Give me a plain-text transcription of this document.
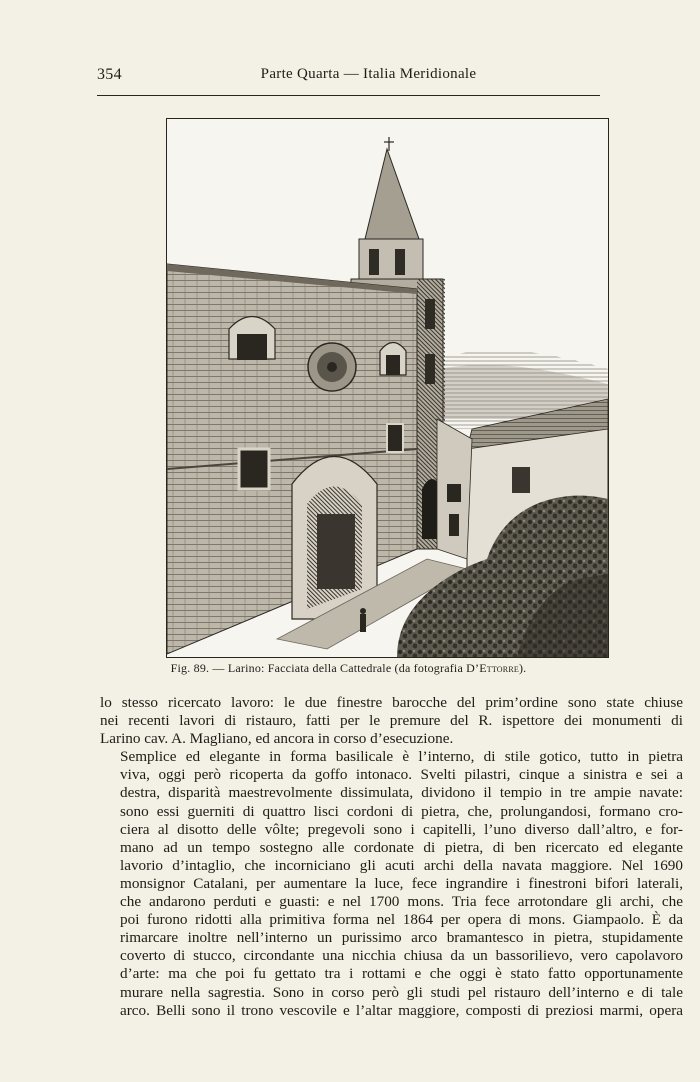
354	Parte Quarta — Italia Meridionale
Fig. 89. — Larino: Facciata della Cattedrale (da fotografia D’Ettorre).

lo stesso ricercato lavoro: le due finestre barocche del prim’ordine sono state chiuse
nei recenti lavori di ristauro, fatti per le premure del R. ispettore dei monumenti di
Larino cav. A. Magliano, ed ancora in corso d’esecuzione.

Semplice ed elegante in forma basilicale è l’interno, di stile gotico, tutto in pietra
viva, oggi però ricoperta da goffo intonaco. Svelti pilastri, cinque a sinistra e sei a
destra, disparità maestrevolmente dissimulata, dividono il tempio in tre ampie navate:
sono essi guerniti di quattro lisci cordoni di pietra, che, prolungandosi, formano cro-
ciera al disotto delle vôlte; pregevoli sono i capitelli, l’uno diverso dall’altro, e for-
mano ad un tempo sostegno alle cordonate di pietra, di ben ricercato ed elegante
lavorio d’intaglio, che incorniciano gli acuti archi della navata maggiore. Nel 1690
monsignor Catalani, per aumentare la luce, fece ingrandire i finestroni bifori laterali,
che andarono perduti e guasti: e nel 1700 mons. Tria fece arrotondare gli archi, che
poi furono ridotti alla primitiva forma nel 1864 per opera di mons. Giampaolo. È da
rimarcare inoltre nell’interno un purissimo arco bramantesco in pietra, stupidamente
coverto di stucco, circondante una nicchia chiusa da un bassorilievo, vero capolavoro
d’arte: ma che poi fu gettato tra i rottami e che oggi è stato fatto opportunamente
murare nella sagrestia. Sono in corso però gli studi pel ristauro dell’interno e di tale
arco. Belli sono il trono vescovile e l’altar maggiore, composti di preziosi marmi, opera
